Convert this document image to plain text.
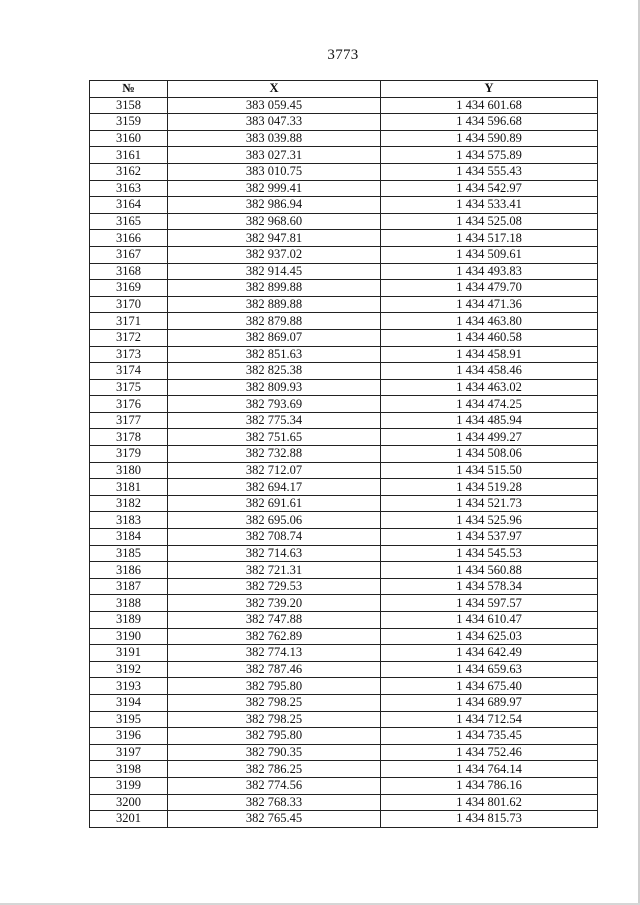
3773
№	X	Y
3158	383 059.45	1 434 601.68
3159	383 047.33	1 434 596.68
3160	383 039.88	1 434 590.89
3161	383 027.31	1 434 575.89
3162	383 010.75	1 434 555.43
3163	382 999.41	1 434 542.97
3164	382 986.94	1 434 533.41
3165	382 968.60	1 434 525.08
3166	382 947.81	1 434 517.18
3167	382 937.02	1 434 509.61
3168	382 914.45	1 434 493.83
3169	382 899.88	1 434 479.70
3170	382 889.88	1 434 471.36
3171	382 879.88	1 434 463.80
3172	382 869.07	1 434 460.58
3173	382 851.63	1 434 458.91
3174	382 825.38	1 434 458.46
3175	382 809.93	1 434 463.02
3176	382 793.69	1 434 474.25
3177	382 775.34	1 434 485.94
3178	382 751.65	1 434 499.27
3179	382 732.88	1 434 508.06
3180	382 712.07	1 434 515.50
3181	382 694.17	1 434 519.28
3182	382 691.61	1 434 521.73
3183	382 695.06	1 434 525.96
3184	382 708.74	1 434 537.97
3185	382 714.63	1 434 545.53
3186	382 721.31	1 434 560.88
3187	382 729.53	1 434 578.34
3188	382 739.20	1 434 597.57
3189	382 747.88	1 434 610.47
3190	382 762.89	1 434 625.03
3191	382 774.13	1 434 642.49
3192	382 787.46	1 434 659.63
3193	382 795.80	1 434 675.40
3194	382 798.25	1 434 689.97
3195	382 798.25	1 434 712.54
3196	382 795.80	1 434 735.45
3197	382 790.35	1 434 752.46
3198	382 786.25	1 434 764.14
3199	382 774.56	1 434 786.16
3200	382 768.33	1 434 801.62
3201	382 765.45	1 434 815.73
